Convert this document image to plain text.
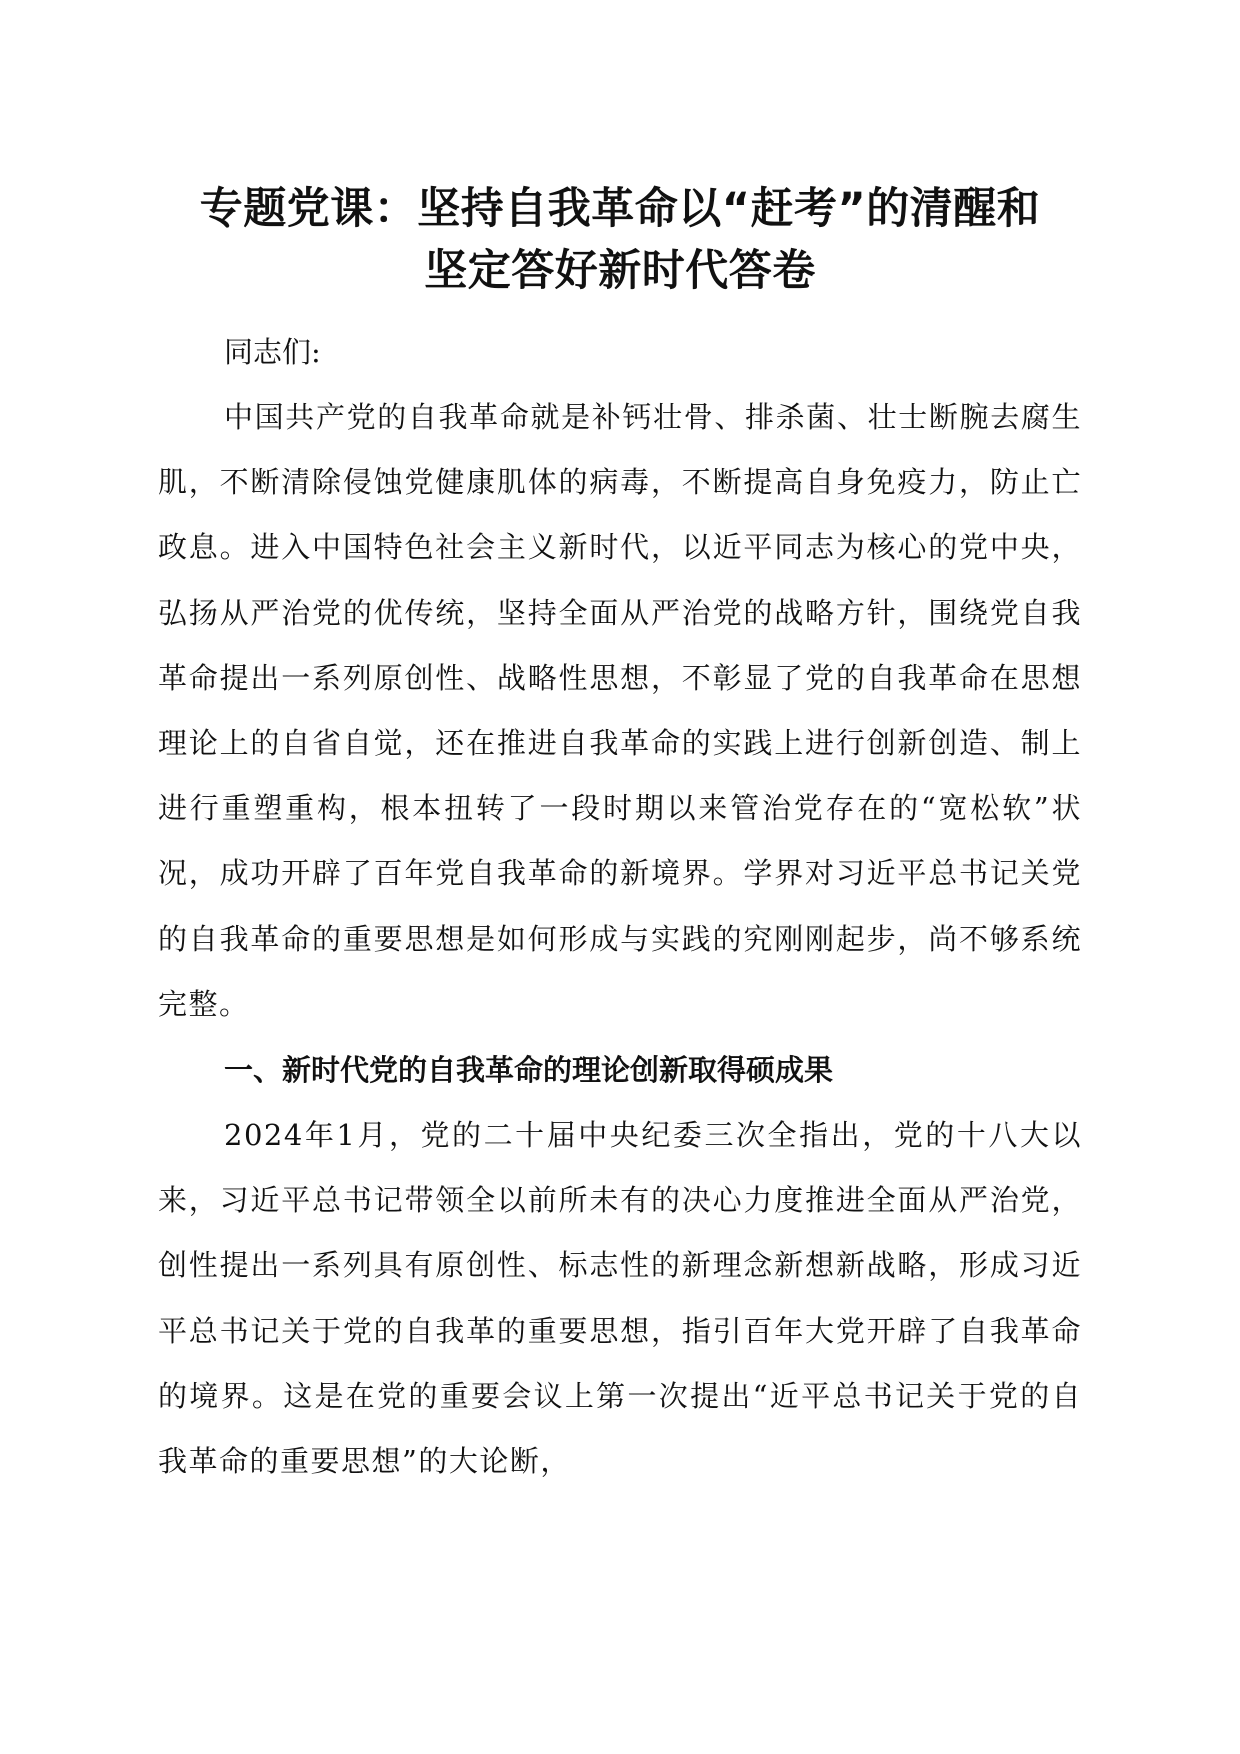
专题党课：坚持自我革命以“赶考”的清醒和
坚定答好新时代答卷

同志们:

中国共产党的自我革命就是补钙壮骨、排杀菌、壮士断腕去腐生肌，不断清除侵蚀党健康肌体的病毒，不断提高自身免疫力，防止亡政息。进入中国特色社会主义新时代，以近平同志为核心的党中央，弘扬从严治党的优传统，坚持全面从严治党的战略方针，围绕党自我革命提出一系列原创性、战略性思想，不彰显了党的自我革命在思想理论上的自省自觉，还在推进自我革命的实践上进行创新创造、制上进行重塑重构，根本扭转了一段时期以来管治党存在的“宽松软”状况，成功开辟了百年党自我革命的新境界。学界对习近平总书记关党的自我革命的重要思想是如何形成与实践的究刚刚起步，尚不够系统完整。

一、新时代党的自我革命的理论创新取得硕成果

2024年1月，党的二十届中央纪委三次全指出，党的十八大以来，习近平总书记带领全以前所未有的决心力度推进全面从严治党，创性提出一系列具有原创性、标志性的新理念新想新战略，形成习近平总书记关于党的自我革的重要思想，指引百年大党开辟了自我革命的境界。这是在党的重要会议上第一次提出“近平总书记关于党的自我革命的重要思想”的大论断，
